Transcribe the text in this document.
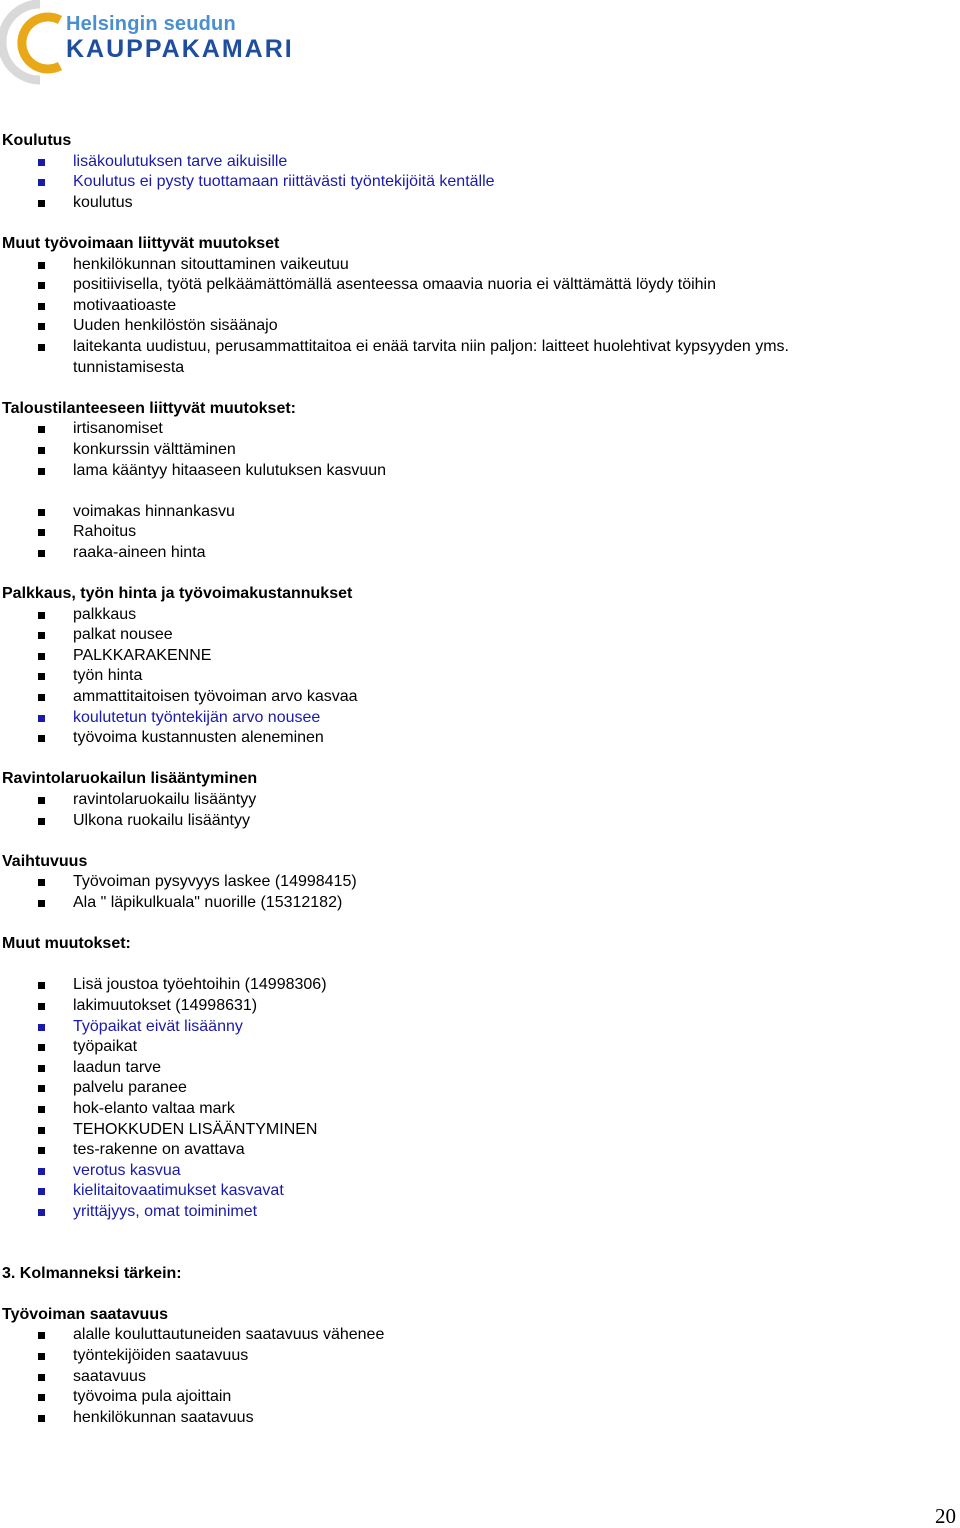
Helsingin seudun
KAUPPAKAMARI
Koulutus
lisäkoulutuksen tarve aikuisille
Koulutus ei pysty tuottamaan riittävästi työntekijöitä kentälle
koulutus
Muut työvoimaan liittyvät muutokset
henkilökunnan sitouttaminen vaikeutuu
positiivisella, työtä pelkäämättömällä asenteessa omaavia nuoria ei välttämättä löydy töihin
motivaatioaste
Uuden henkilöstön sisäänajo
laitekanta uudistuu, perusammattitaitoa ei enää tarvita niin paljon: laitteet huolehtivat kypsyyden yms.
tunnistamisesta
Taloustilanteeseen liittyvät muutokset:
irtisanomiset
konkurssin välttäminen
lama kääntyy hitaaseen kulutuksen kasvuun
voimakas hinnankasvu
Rahoitus
raaka-aineen hinta
Palkkaus, työn hinta ja työvoimakustannukset
palkkaus
palkat nousee
PALKKARAKENNE
työn hinta
ammattitaitoisen työvoiman arvo kasvaa
koulutetun työntekijän arvo nousee
työvoima kustannusten aleneminen
Ravintolaruokailun lisääntyminen
ravintolaruokailu lisääntyy
Ulkona ruokailu lisääntyy
Vaihtuvuus
Työvoiman pysyvyys laskee (14998415)
Ala " läpikulkuala" nuorille (15312182)
Muut muutokset:
Lisä joustoa työehtoihin (14998306)
lakimuutokset (14998631)
Työpaikat eivät lisäänny
työpaikat
laadun tarve
palvelu paranee
hok-elanto valtaa mark
TEHOKKUDEN LISÄÄNTYMINEN
tes-rakenne on avattava
verotus kasvua
kielitaitovaatimukset kasvavat
yrittäjyys, omat toiminimet
3. Kolmanneksi tärkein:
Työvoiman saatavuus
alalle kouluttautuneiden saatavuus vähenee
työntekijöiden saatavuus
saatavuus
työvoima pula ajoittain
henkilökunnan saatavuus
20
